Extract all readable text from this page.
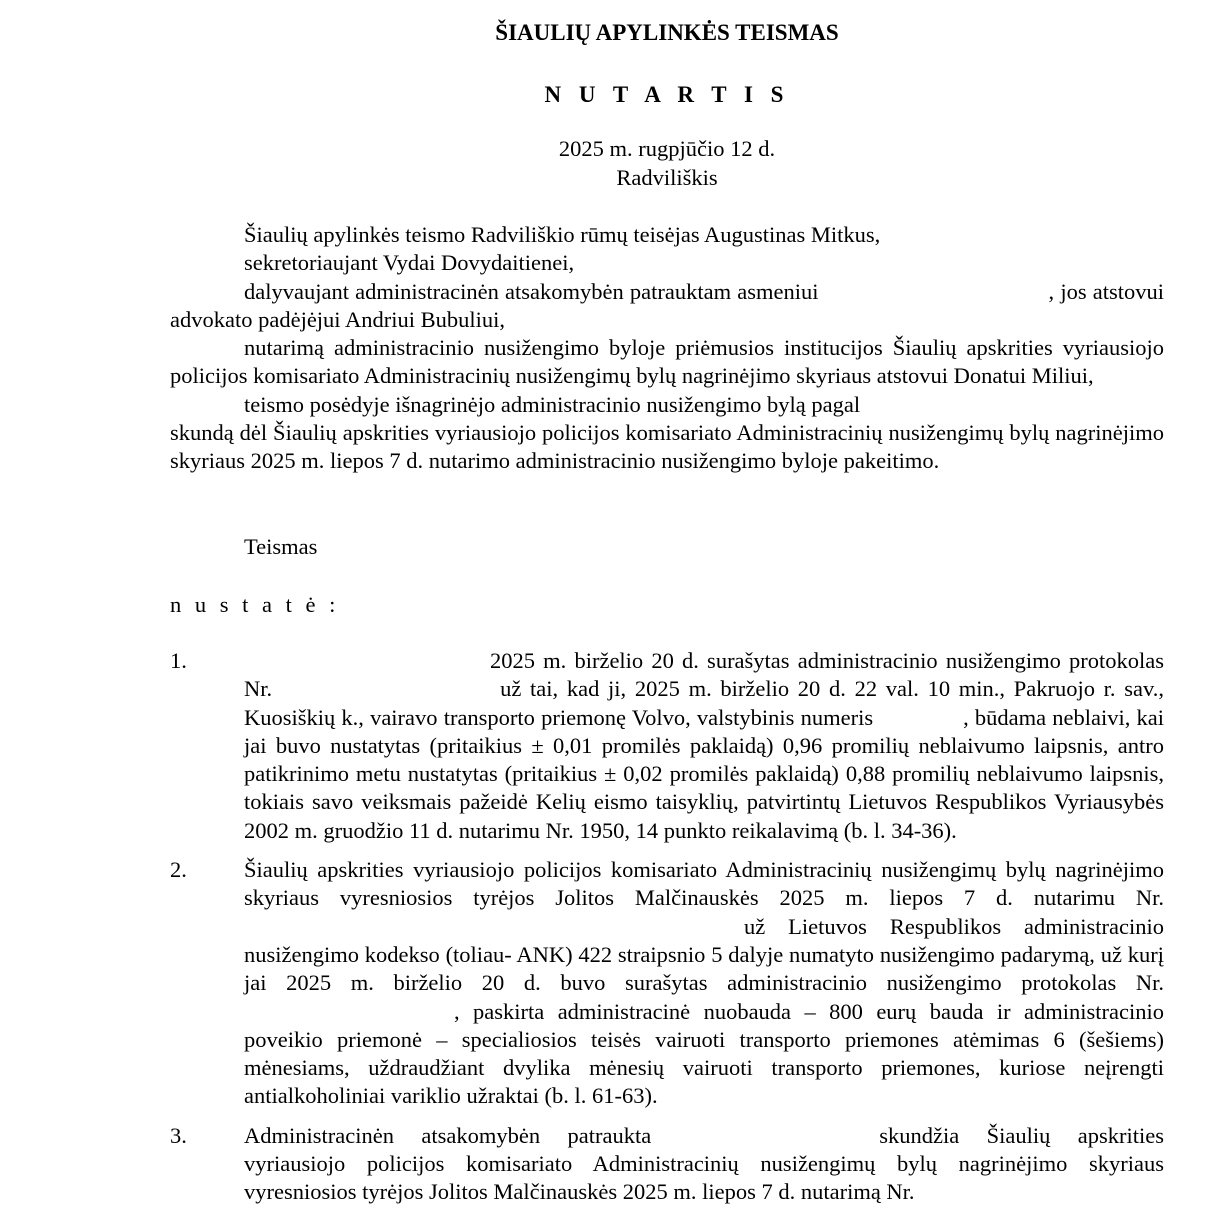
ŠIAULIŲ APYLINKĖS TEISMAS
N U T A R T I S
2025 m. rugpjūčio 12 d.
Radviliškis

Šiaulių apylinkės teismo Radviliškio rūmų teisėjas Augustinas Mitkus,

sekretoriaujant Vydai Dovydaitienei,

dalyvaujant administracinėn atsakomybėn patrauktam asmeniui	, jos atstovui advokato padėjėjui Andriui Bubuliui,

nutarimą administracinio nusižengimo byloje priėmusios institucijos Šiaulių apskrities vyriausiojo policijos komisariato Administracinių nusižengimų bylų nagrinėjimo skyriaus atstovui Donatui Miliui,

teismo posėdyje išnagrinėjo administracinio nusižengimo bylą pagal

skundą dėl Šiaulių apskrities vyriausiojo policijos komisariato Administracinių nusižengimų bylų nagrinėjimo skyriaus 2025 m. liepos 7 d. nutarimo administracinio nusižengimo byloje pakeitimo.

Teismas
n u s t a t ė :
1.	2025 m. birželio 20 d. surašytas administracinio nusižengimo protokolas Nr.	už tai, kad ji, 2025 m. birželio 20 d. 22 val. 10 min., Pakruojo r. sav., Kuosiškių k., vairavo transporto priemonę Volvo, valstybinis numeris	, būdama neblaivi, kai jai buvo nustatytas (pritaikius ± 0,01 promilės paklaidą) 0,96 promilių neblaivumo laipsnis, antro patikrinimo metu nustatytas (pritaikius ± 0,02 promilės paklaidą) 0,88 promilių neblaivumo laipsnis, tokiais savo veiksmais pažeidė Kelių eismo taisyklių, patvirtintų Lietuvos Respublikos Vyriausybės 2002 m. gruodžio 11 d. nutarimu Nr. 1950, 14 punkto reikalavimą (b. l. 34-36).

2.	Šiaulių apskrities vyriausiojo policijos komisariato Administracinių nusižengimų bylų nagrinėjimo skyriaus vyresniosios tyrėjos Jolitos Malčinauskės 2025 m. liepos 7 d. nutarimu Nr.už Lietuvos Respublikos administracinio nusižengimo kodekso (toliau- ANK) 422 straipsnio 5 dalyje numatyto nusižengimo padarymą, už kurį jai 2025 m. birželio 20 d. buvo surašytas administracinio nusižengimo protokolas Nr., paskirta administracinė nuobauda – 800 eurų bauda ir administracinio poveikio priemonė – specialiosios teisės vairuoti transporto priemones atėmimas 6 (šešiems) mėnesiams, uždraudžiant dvylika mėnesių vairuoti transporto priemones, kuriose neįrengti antialkoholiniai variklio užraktai (b. l. 61-63).

3.	Administracinėn atsakomybėn patraukta	skundžia Šiaulių apskrities vyriausiojo policijos komisariato Administracinių nusižengimų bylų nagrinėjimo skyriaus vyresniosios tyrėjos Jolitos Malčinauskės 2025 m. liepos 7 d. nutarimą Nr.
